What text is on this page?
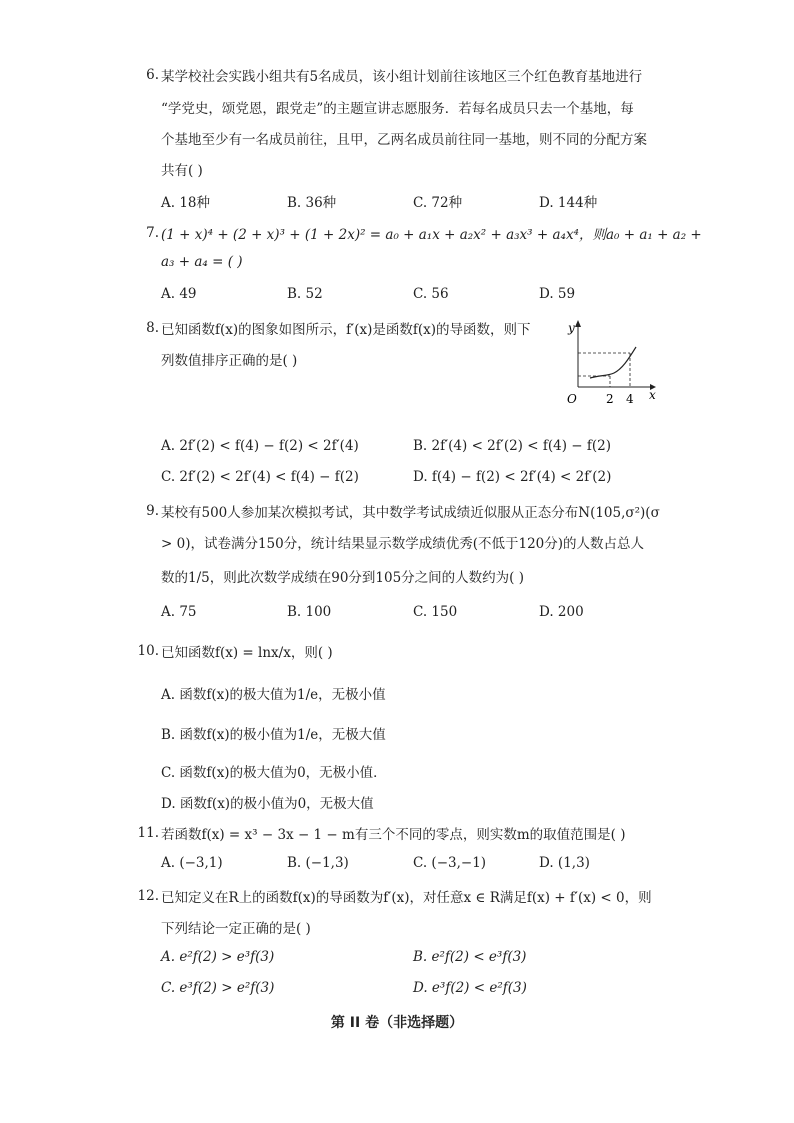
6. 某学校社会实践小组共有5名成员，该小组计划前往该地区三个红色教育基地进行
“学党史，颂党恩，跟党走”的主题宣讲志愿服务．若每名成员只去一个基地，每
个基地至少有一名成员前往，且甲，乙两名成员前往同一基地，则不同的分配方案
共有( )
A. 18种	B. 36种	C. 72种	D. 144种
7. (1 + x)⁴ + (2 + x)³ + (1 + 2x)² = a₀ + a₁x + a₂x² + a₃x³ + a₄x⁴，则a₀ + a₁ + a₂ +
a₃ + a₄ = ( )
A. 49	B. 52	C. 56	D. 59
8. 已知函数f(x)的图象如图所示，f′(x)是函数f(x)的导函数，则下
列数值排序正确的是( )
y
x
O 2 4
A. 2f′(2) < f(4) − f(2) < 2f′(4)	B. 2f′(4) < 2f′(2) < f(4) − f(2)
C. 2f′(2) < 2f′(4) < f(4) − f(2)	D. f(4) − f(2) < 2f′(4) < 2f′(2)
9. 某校有500人参加某次模拟考试，其中数学考试成绩近似服从正态分布N(105,σ²)(σ
> 0)，试卷满分150分，统计结果显示数学成绩优秀(不低于120分)的人数占总人
数的1/5，则此次数学成绩在90分到105分之间的人数约为( )
A. 75	B. 100	C. 150	D. 200
10. 已知函数f(x) = lnx/x，则( )
A. 函数f(x)的极大值为1/e，无极小值
B. 函数f(x)的极小值为1/e，无极大值
C. 函数f(x)的极大值为0，无极小值．
D. 函数f(x)的极小值为0，无极大值
11. 若函数f(x) = x³ − 3x − 1 − m有三个不同的零点，则实数m的取值范围是( )
A. (−3,1)	B. (−1,3)	C. (−3,−1)	D. (1,3)
12. 已知定义在R上的函数f(x)的导函数为f′(x)，对任意x ∈ R满足f(x) + f′(x) < 0，则
下列结论一定正确的是( )
A. e²f(2) > e³f(3)	B. e²f(2) < e³f(3)
C. e³f(2) > e²f(3)	D. e³f(2) < e²f(3)
第 II 卷（非选择题）
